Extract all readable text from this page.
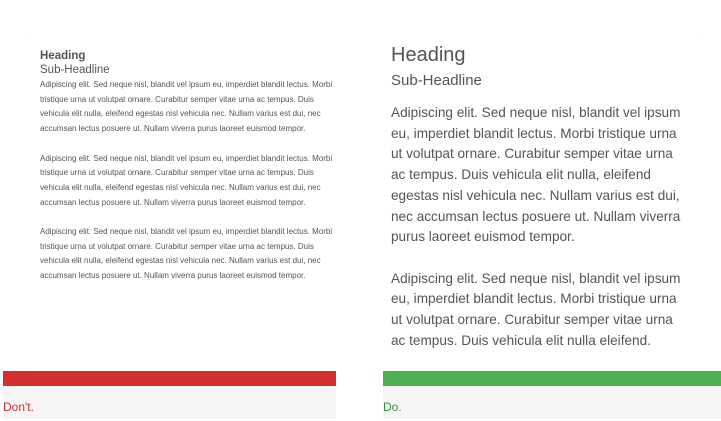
Heading
Sub-Headline

Adipiscing elit. Sed neque nisl, blandit vel ipsum eu, imperdiet blandit lectus. Morbi tristique urna ut volutpat ornare. Curabitur semper vitae urna ac tempus. Duis vehicula elit nulla, eleifend egestas nisl vehicula nec. Nullam varius est dui, nec accumsan lectus posuere ut. Nullam viverra purus laoreet euismod tempor.

Adipiscing elit. Sed neque nisl, blandit vel ipsum eu, imperdiet blandit lectus. Morbi tristique urna ut volutpat ornare. Curabitur semper vitae urna ac tempus. Duis vehicula elit nulla, eleifend egestas nisl vehicula nec. Nullam varius est dui, nec accumsan lectus posuere ut. Nullam viverra purus laoreet euismod tempor.

Adipiscing elit. Sed neque nisl, blandit vel ipsum eu, imperdiet blandit lectus. Morbi tristique urna ut volutpat ornare. Curabitur semper vitae urna ac tempus. Duis vehicula elit nulla, eleifend egestas nisl vehicula nec. Nullam varius est dui, nec accumsan lectus posuere ut. Nullam viverra purus laoreet euismod tempor.

Heading
Sub-Headline

Adipiscing elit. Sed neque nisl, blandit vel ipsum eu, imperdiet blandit lectus. Morbi tristique urna ut volutpat ornare. Curabitur semper vitae urna ac tempus. Duis vehicula elit nulla, eleifend egestas nisl vehicula nec. Nullam varius est dui, nec accumsan lectus posuere ut. Nullam viverra purus laoreet euismod tempor.

Adipiscing elit. Sed neque nisl, blandit vel ipsum eu, imperdiet blandit lectus. Morbi tristique urna ut volutpat ornare. Curabitur semper vitae urna ac tempus. Duis vehicula elit nulla eleifend.

Don't.	Do.
